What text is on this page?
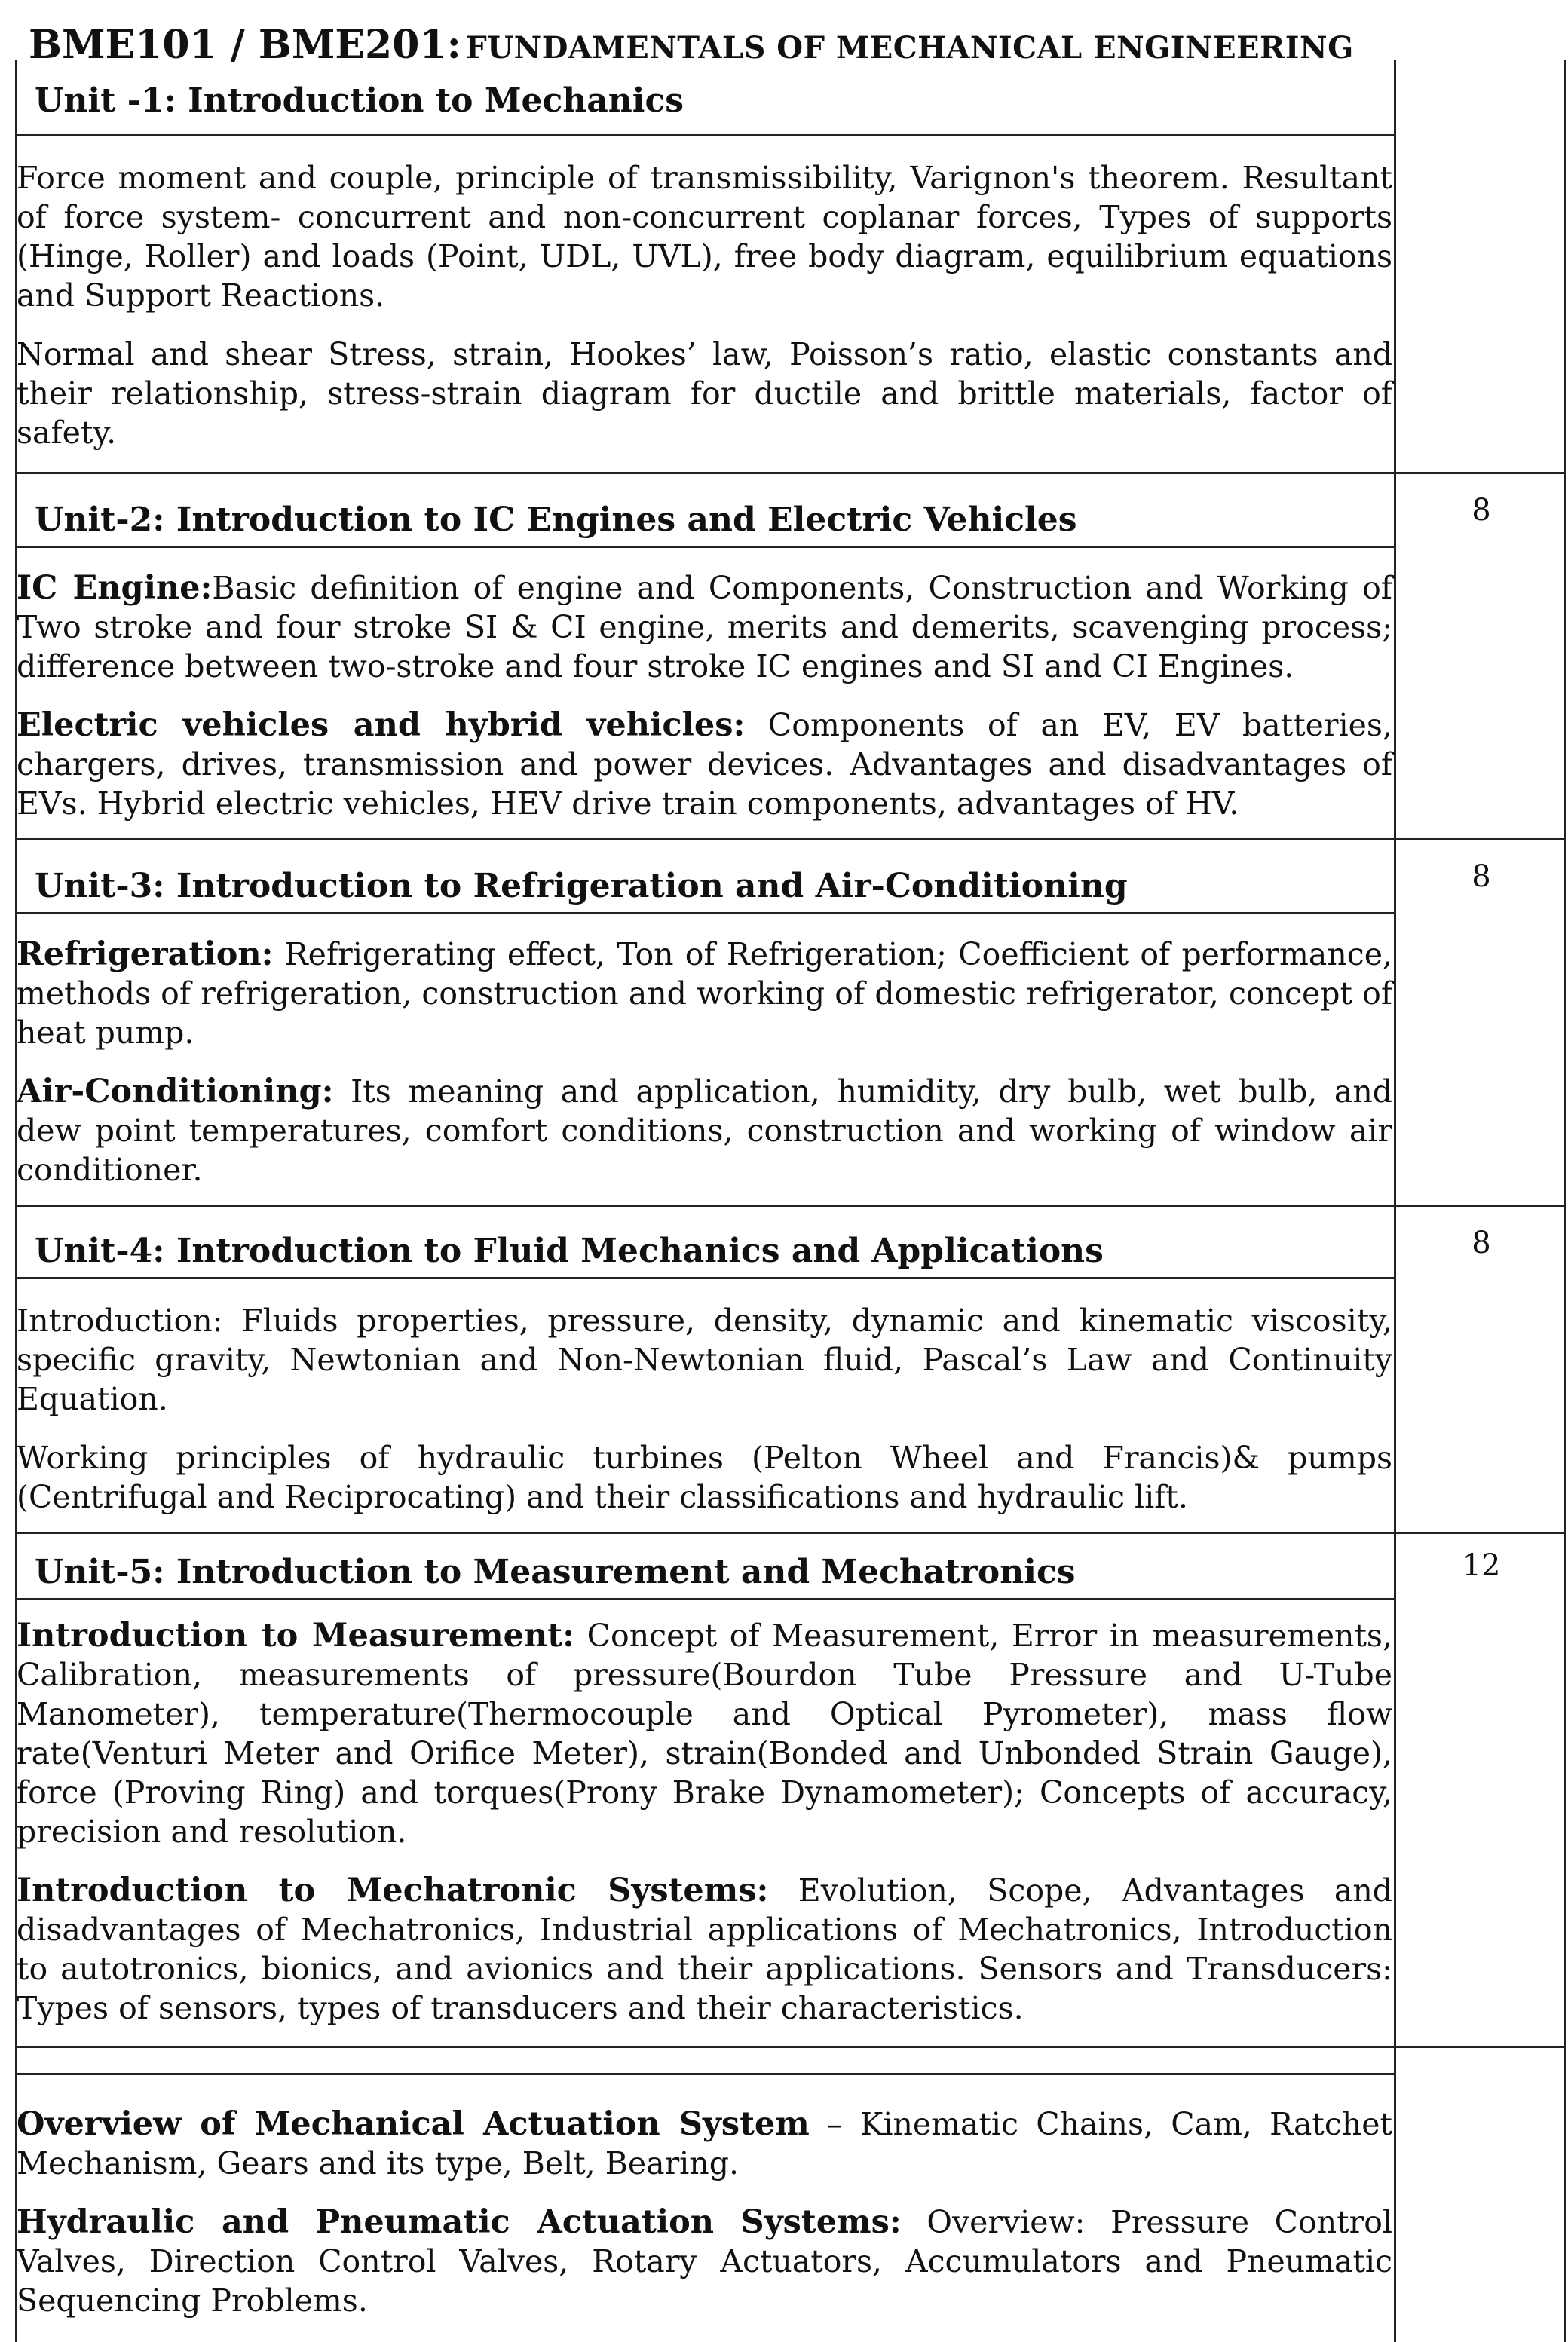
BME101 / BME201: FUNDAMENTALS OF MECHANICAL ENGINEERING
Unit -1: Introduction to Mechanics

Force moment and couple, principle of transmissibility, Varignon's theorem. Resultant of force system- concurrent and non-concurrent coplanar forces, Types of supports (Hinge, Roller) and loads (Point, UDL, UVL), free body diagram, equilibrium equations and Support Reactions.

Normal and shear Stress, strain, Hookes’ law, Poisson’s ratio, elastic constants and their relationship, stress-strain diagram for ductile and brittle materials, factor of safety.

Unit-2: Introduction to IC Engines and Electric Vehicles	8

IC Engine:Basic definition of engine and Components, Construction and Working of Two stroke and four stroke SI & CI engine, merits and demerits, scavenging process; difference between two-stroke and four stroke IC engines and SI and CI Engines.

Electric vehicles and hybrid vehicles: Components of an EV, EV batteries, chargers, drives, transmission and power devices. Advantages and disadvantages of EVs. Hybrid electric vehicles, HEV drive train components, advantages of HV.

Unit-3: Introduction to Refrigeration and Air-Conditioning	8

Refrigeration: Refrigerating effect, Ton of Refrigeration; Coefficient of performance, methods of refrigeration, construction and working of domestic refrigerator, concept of heat pump.

Air-Conditioning: Its meaning and application, humidity, dry bulb, wet bulb, and dew point temperatures, comfort conditions, construction and working of window air conditioner.

Unit-4: Introduction to Fluid Mechanics and Applications	8

Introduction: Fluids properties, pressure, density, dynamic and kinematic viscosity, specific gravity, Newtonian and Non-Newtonian fluid, Pascal’s Law and Continuity Equation.

Working principles of hydraulic turbines (Pelton Wheel and Francis)& pumps (Centrifugal and Reciprocating) and their classifications and hydraulic lift.

Unit-5: Introduction to Measurement and Mechatronics	12

Introduction to Measurement: Concept of Measurement, Error in measurements, Calibration, measurements of pressure(Bourdon Tube Pressure and U-Tube Manometer), temperature(Thermocouple and Optical Pyrometer), mass flow rate(Venturi Meter and Orifice Meter), strain(Bonded and Unbonded Strain Gauge), force (Proving Ring) and torques(Prony Brake Dynamometer); Concepts of accuracy, precision and resolution.

Introduction to Mechatronic Systems: Evolution, Scope, Advantages and disadvantages of Mechatronics, Industrial applications of Mechatronics, Introduction to autotronics, bionics, and avionics and their applications. Sensors and Transducers: Types of sensors, types of transducers and their characteristics.

Overview of Mechanical Actuation System – Kinematic Chains, Cam, Ratchet Mechanism, Gears and its type, Belt, Bearing.

Hydraulic and Pneumatic Actuation Systems: Overview: Pressure Control Valves, Direction Control Valves, Rotary Actuators, Accumulators and Pneumatic Sequencing Problems.
